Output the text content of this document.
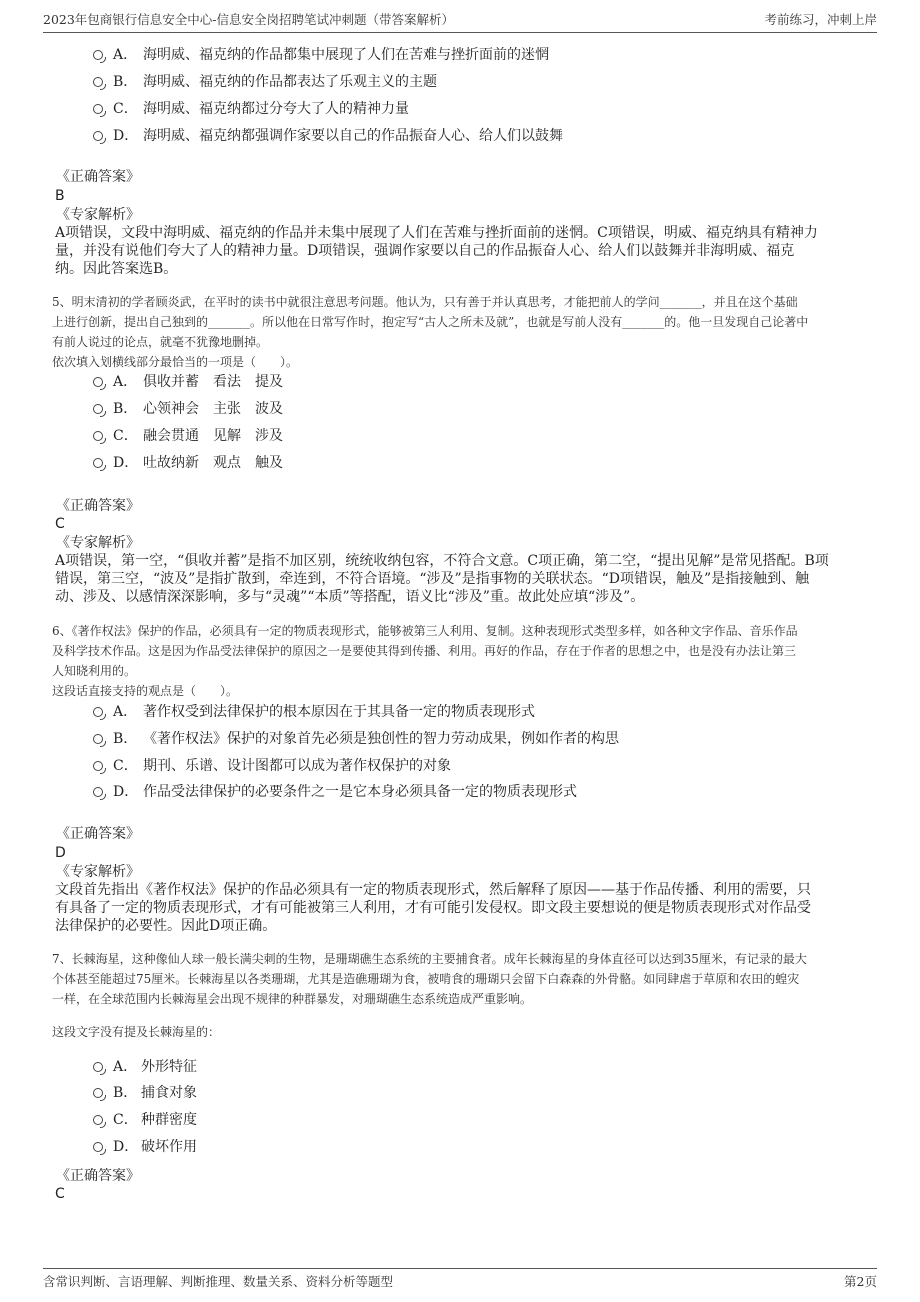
2023年包商银行信息安全中心-信息安全岗招聘笔试冲刺题（带答案解析）	考前练习，冲刺上岸
A． 海明威、福克纳的作品都集中展现了人们在苦难与挫折面前的迷惘
B． 海明威、福克纳的作品都表达了乐观主义的主题
C． 海明威、福克纳都过分夸大了人的精神力量
D． 海明威、福克纳都强调作家要以自己的作品振奋人心、给人们以鼓舞
《正确答案》
B
《专家解析》
A项错误，文段中海明威、福克纳的作品并未集中展现了人们在苦难与挫折面前的迷惘。C项错误，明威、福克纳具有精神力
量，并没有说他们夸大了人的精神力量。D项错误，强调作家要以自己的作品振奋人心、给人们以鼓舞并非海明威、福克
纳。因此答案选B。
5、明末清初的学者顾炎武，在平时的读书中就很注意思考问题。他认为，只有善于并认真思考，才能把前人的学问_______，并且在这个基础
上进行创新，提出自己独到的_______。所以他在日常写作时，抱定写“古人之所未及就”，也就是写前人没有_______的。他一旦发现自己论著中
有前人说过的论点，就毫不犹豫地删掉。
依次填入划横线部分最恰当的一项是（　　）。
A． 俱收并蓄　看法　提及
B． 心领神会　主张　波及
C． 融会贯通　见解　涉及
D． 吐故纳新　观点　触及
《正确答案》
C
《专家解析》
A项错误，第一空，“俱收并蓄”是指不加区别，统统收纳包容，不符合文意。C项正确，第二空，“提出见解”是常见搭配。B项
错误，第三空，“波及”是指扩散到，牵连到，不符合语境。“涉及”是指事物的关联状态。“D项错误，触及”是指接触到、触
动、涉及、以感情深深影响，多与“灵魂”“本质”等搭配，语义比“涉及”重。故此处应填“涉及”。
6、《著作权法》保护的作品，必须具有一定的物质表现形式，能够被第三人利用、复制。这种表现形式类型多样，如各种文字作品、音乐作品
及科学技术作品。这是因为作品受法律保护的原因之一是要使其得到传播、利用。再好的作品，存在于作者的思想之中，也是没有办法让第三
人知晓利用的。
这段话直接支持的观点是（　　）。
A． 著作权受到法律保护的根本原因在于其具备一定的物质表现形式
B． 《著作权法》保护的对象首先必须是独创性的智力劳动成果，例如作者的构思
C． 期刊、乐谱、设计图都可以成为著作权保护的对象
D． 作品受法律保护的必要条件之一是它本身必须具备一定的物质表现形式
《正确答案》
D
《专家解析》
文段首先指出《著作权法》保护的作品必须具有一定的物质表现形式，然后解释了原因——基于作品传播、利用的需要，只
有具备了一定的物质表现形式，才有可能被第三人利用，才有可能引发侵权。即文段主要想说的便是物质表现形式对作品受
法律保护的必要性。因此D项正确。
7、长棘海星，这种像仙人球一般长满尖刺的生物，是珊瑚礁生态系统的主要捕食者。成年长棘海星的身体直径可以达到35厘米，有记录的最大
个体甚至能超过75厘米。长棘海星以各类珊瑚，尤其是造礁珊瑚为食，被啃食的珊瑚只会留下白森森的外骨骼。如同肆虐于草原和农田的蝗灾
一样，在全球范围内长棘海星会出现不规律的种群暴发，对珊瑚礁生态系统造成严重影响。
这段文字没有提及长棘海星的：
A． 外形特征
B． 捕食对象
C． 种群密度
D． 破坏作用
《正确答案》
C
含常识判断、言语理解、判断推理、数量关系、资料分析等题型	第2页
